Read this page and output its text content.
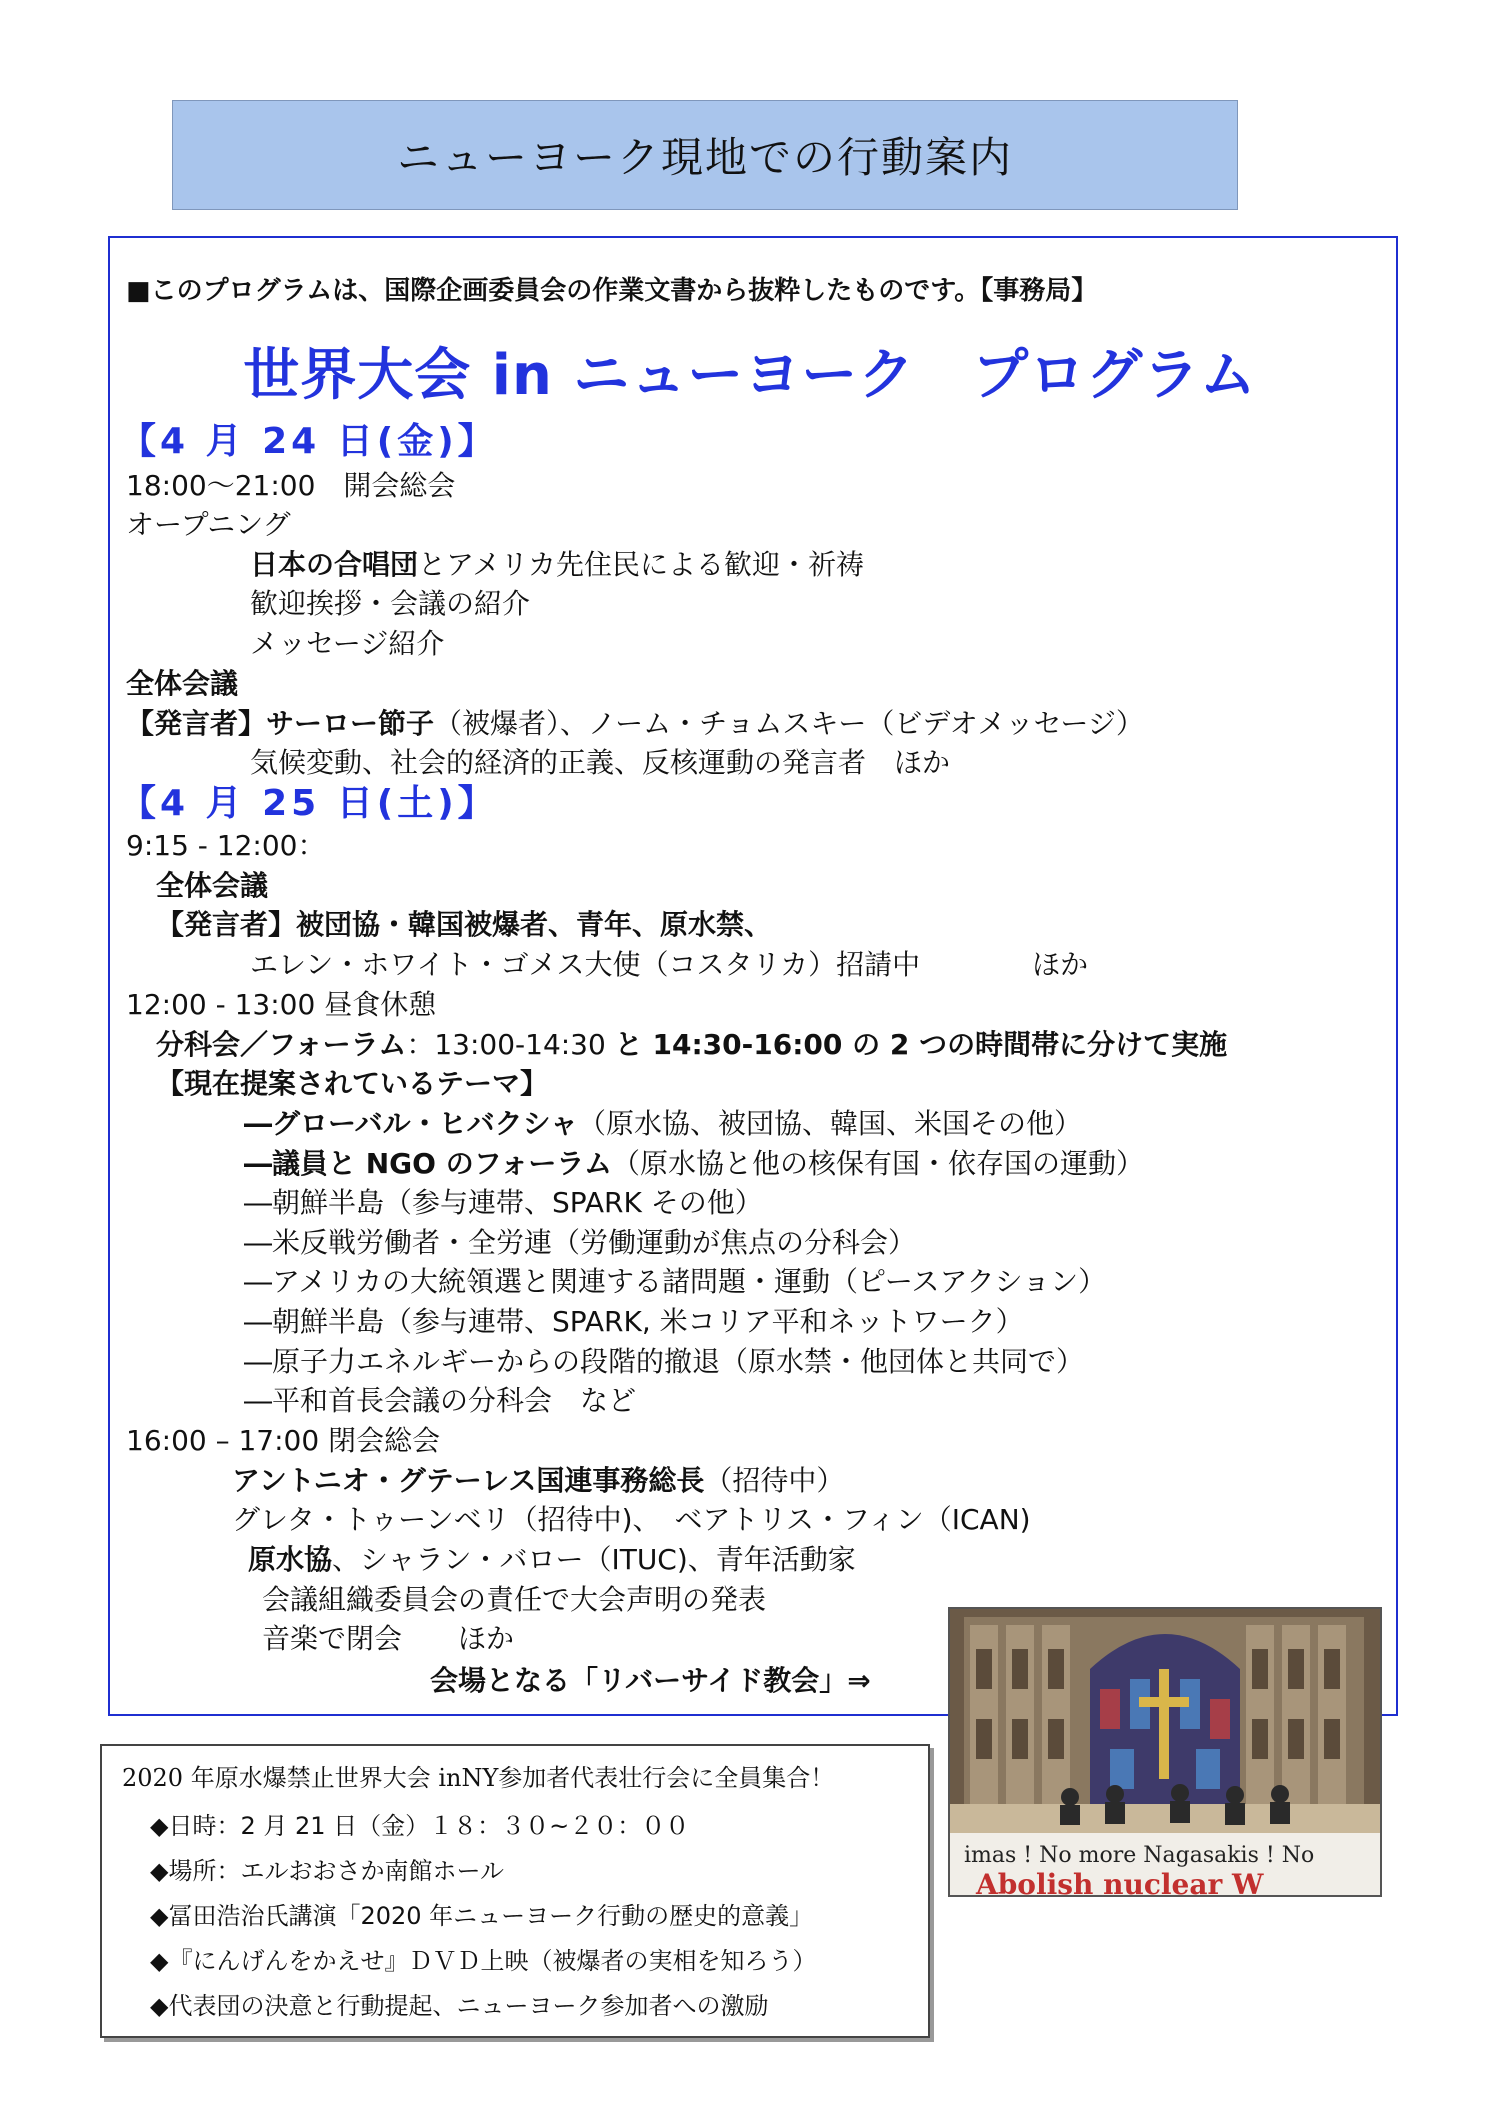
ニューヨーク現地での行動案内
■このプログラムは、国際企画委員会の作業文書から抜粋したものです。【事務局】
世界大会 in ニューヨーク　プログラム
【4 月 24 日(金)】
18:00〜21:00　開会総会
オープニング
日本の合唱団とアメリカ先住民による歓迎・祈祷
歓迎挨拶・会議の紹介
メッセージ紹介
全体会議
【発言者】サーロー節子（被爆者）、ノーム・チョムスキー（ビデオメッセージ）
気候変動、社会的経済的正義、反核運動の発言者　ほか
【4 月 25 日(土)】
9:15 - 12:00：
全体会議
【発言者】被団協・韓国被爆者、青年、原水禁、
エレン・ホワイト・ゴメス大使（コスタリカ）招請中　　　　ほか
12:00 - 13:00 昼食休憩
分科会／フォーラム：13:00-14:30 と 14:30-16:00 の 2 つの時間帯に分けて実施
【現在提案されているテーマ】
―グローバル・ヒバクシャ（原水協、被団協、韓国、米国その他）
―議員と NGO のフォーラム（原水協と他の核保有国・依存国の運動）
―朝鮮半島（参与連帯、SPARK その他）
―米反戦労働者・全労連（労働運動が焦点の分科会）
―アメリカの大統領選と関連する諸問題・運動（ピースアクション）
―朝鮮半島（参与連帯、SPARK, 米コリア平和ネットワーク）
―原子力エネルギーからの段階的撤退（原水禁・他団体と共同で）
―平和首長会議の分科会　など
16:00 – 17:00 閉会総会
アントニオ・グテーレス国連事務総長（招待中）
グレタ・トゥーンベリ（招待中)、　ベアトリス・フィン（ICAN)
原水協、シャラン・バロー（ITUC)、青年活動家
会議組織委員会の責任で大会声明の発表
音楽で閉会　　ほか
会場となる「リバーサイド教会」⇒
imas ! No more Nagasakis ! No
Abolish nuclear W
2020 年原水爆禁止世界大会 inNY参加者代表壮行会に全員集合！
◆日時：2 月 21 日（金）１８：３０~２０：００
◆場所：エルおおさか南館ホール
◆冨田浩治氏講演「2020 年ニューヨーク行動の歴史的意義」
◆『にんげんをかえせ』ＤＶＤ上映（被爆者の実相を知ろう）
◆代表団の決意と行動提起、ニューヨーク参加者への激励
